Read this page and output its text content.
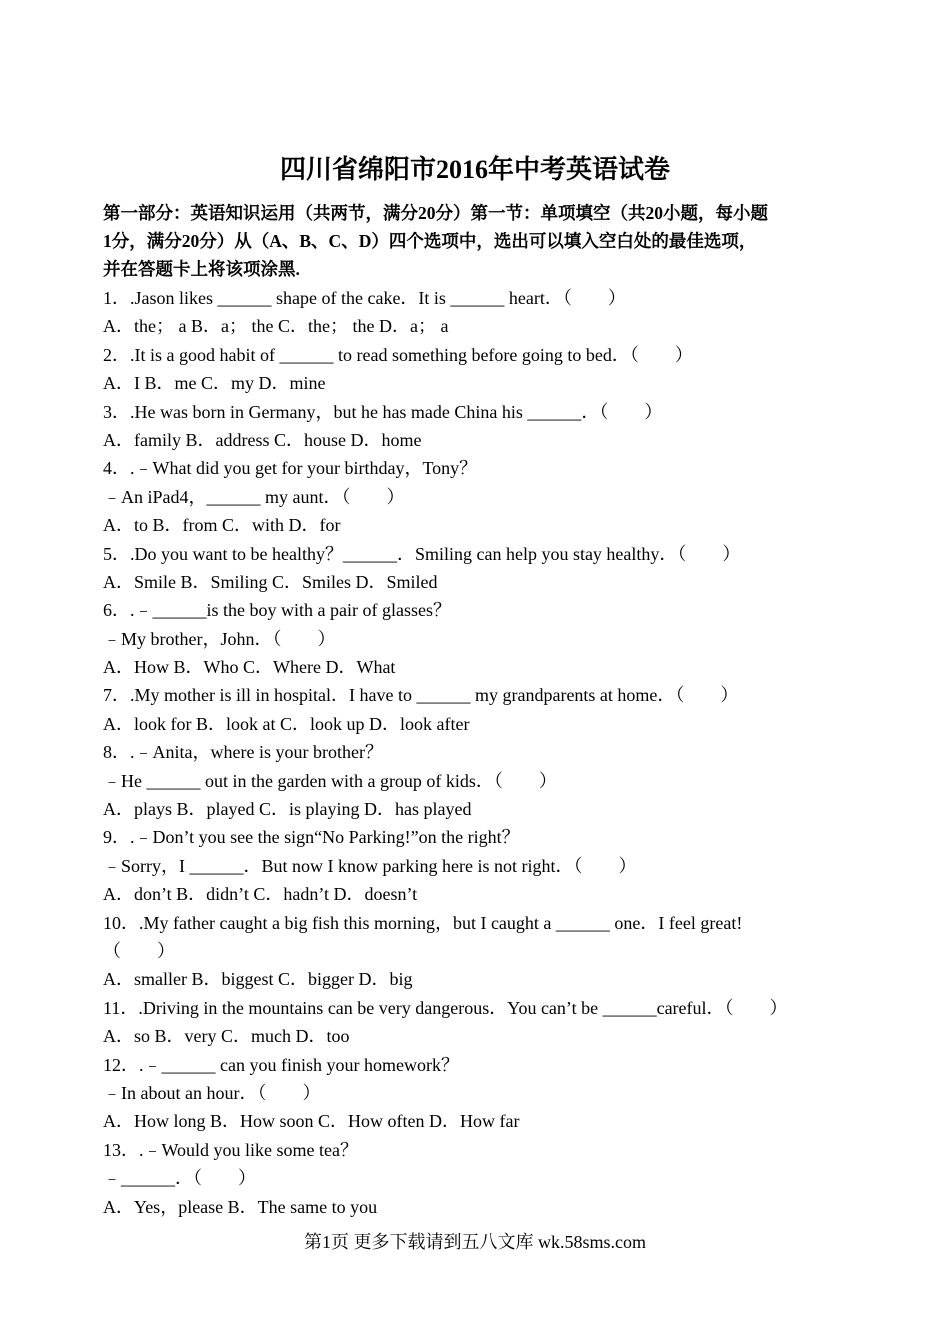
四川省绵阳市2016年中考英语试卷
第一部分：英语知识运用（共两节，满分20分）第一节：单项填空（共20小题，每小题
1分，满分20分）从（A、B、C、D）四个选项中，选出可以填入空白处的最佳选项，
并在答题卡上将该项涂黑.
1．.Jason likes ______ shape of the cake．It is ______ heart．（　　）
A．the； a B．a； the C．the； the D．a； a
2．.It is a good habit of ______ to read something before going to bed．（　　）
A．I B．me C．my D．mine
3．.He was born in Germany，but he has made China his ______．（　　）
A．family B．address C．house D．home
4．.﹣What did you get for your birthday，Tony？
﹣An iPad4，______ my aunt．（　　）
A．to B．from C．with D．for
5．.Do you want to be healthy？______．Smiling can help you stay healthy．（　　）
A．Smile B．Smiling C．Smiles D．Smiled
6．.﹣______is the boy with a pair of glasses？
﹣My brother，John．（　　）
A．How B．Who C．Where D．What
7．.My mother is ill in hospital．I have to ______ my grandparents at home．（　　）
A．look for B．look at C．look up D．look after
8．.﹣Anita，where is your brother？
﹣He ______ out in the garden with a group of kids．（　　）
A．plays B．played C．is playing D．has played
9．.﹣Don’t you see the sign“No Parking!”on the right？
﹣Sorry，I ______．But now I know parking here is not right．（　　）
A．don’t B．didn’t C．hadn’t D．doesn’t
10．.My father caught a big fish this morning，but I caught a ______ one．I feel great!
（　　）
A．smaller B．biggest C．bigger D．big
11．.Driving in the mountains can be very dangerous．You can’t be ______careful．（　　）
A．so B．very C．much D．too
12．.﹣______ can you finish your homework？
﹣In about an hour．（　　）
A．How long B．How soon C．How often D．How far
13．.﹣Would you like some tea？
﹣______．（　　）
A．Yes，please B．The same to you
第1页 更多下载请到五八文库 wk.58sms.com
